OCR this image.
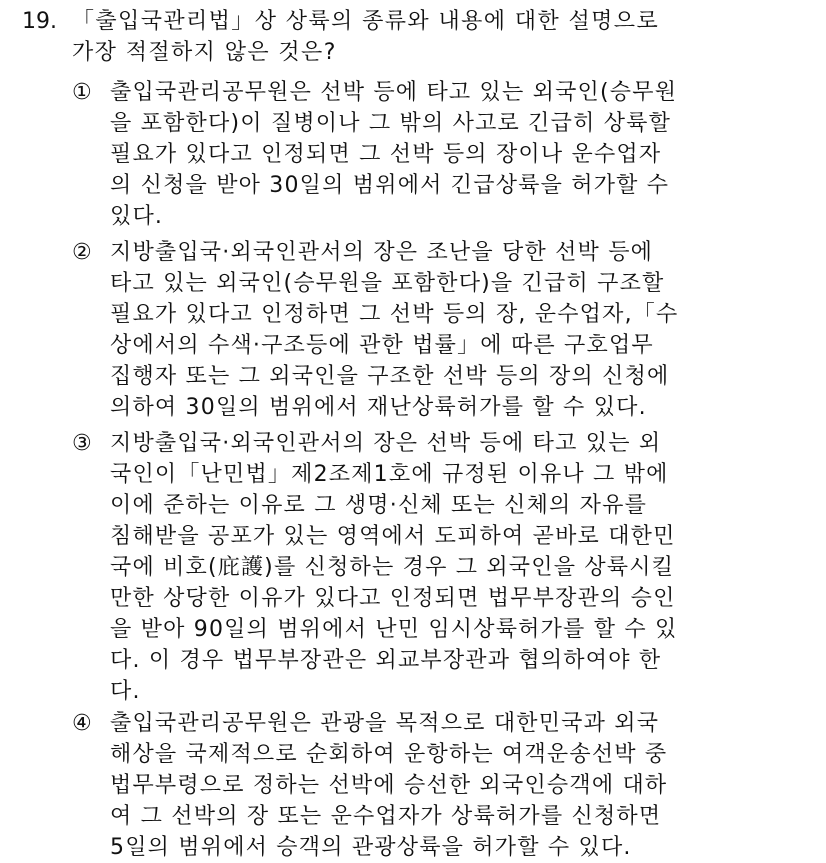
19. 「출입국관리법」상 상륙의 종류와 내용에 대한 설명으로
가장 적절하지 않은 것은?
① 출입국관리공무원은 선박 등에 타고 있는 외국인(승무원
을 포함한다)이 질병이나 그 밖의 사고로 긴급히 상륙할
필요가 있다고 인정되면 그 선박 등의 장이나 운수업자
의 신청을 받아 30일의 범위에서 긴급상륙을 허가할 수
있다.
② 지방출입국·외국인관서의 장은 조난을 당한 선박 등에
타고 있는 외국인(승무원을 포함한다)을 긴급히 구조할
필요가 있다고 인정하면 그 선박 등의 장, 운수업자,「수
상에서의 수색·구조등에 관한 법률」에 따른 구호업무
집행자 또는 그 외국인을 구조한 선박 등의 장의 신청에
의하여 30일의 범위에서 재난상륙허가를 할 수 있다.
③ 지방출입국·외국인관서의 장은 선박 등에 타고 있는 외
국인이「난민법」제2조제1호에 규정된 이유나 그 밖에
이에 준하는 이유로 그 생명·신체 또는 신체의 자유를
침해받을 공포가 있는 영역에서 도피하여 곧바로 대한민
국에 비호(庇護)를 신청하는 경우 그 외국인을 상륙시킬
만한 상당한 이유가 있다고 인정되면 법무부장관의 승인
을 받아 90일의 범위에서 난민 임시상륙허가를 할 수 있
다. 이 경우 법무부장관은 외교부장관과 협의하여야 한
다.
④ 출입국관리공무원은 관광을 목적으로 대한민국과 외국
해상을 국제적으로 순회하여 운항하는 여객운송선박 중
법무부령으로 정하는 선박에 승선한 외국인승객에 대하
여 그 선박의 장 또는 운수업자가 상륙허가를 신청하면
5일의 범위에서 승객의 관광상륙을 허가할 수 있다.
